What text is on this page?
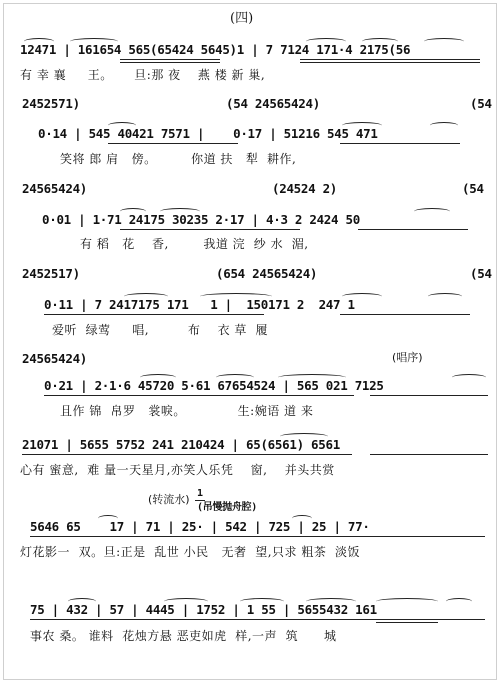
(四)
12471 | 161654 565(65424 5645)1 | 7 7124 171·4 2175(56
2452571)	(54 24565424)	(54
0·14 | 545 40421 7571 |    0·17 | 51216 545 471
24565424)	(24524 2)	(54
0·01 | 1·71 24175 30235 2·17 | 4·3 2 2424 50
2452517)	(654 24565424)	(54
0·11 | 7 2417175 171   1 |  150171 2  247 1
24565424)
0·21 | 2·1·6 45720 5·61 67654524 | 565 021 7125
21071 | 5655 5752 241 210424 | 65(6561) 6561
5646 65    17 | 71 | 25· | 542 | 725 | 25 | 77·
75 | 432 | 57 | 4445 | 1752 | 1 55 | 5655432 161
有 幸 襄     王。     旦:那 夜    燕 楼 新 巢,
笑将 郎 肩   傍。        你道 扶   犁  耕作,
有 稻   花    香,        我道 浣  纱 水  湄,
爱听  绿莺     唱,         布    衣 草  履
且作 锦  帛罗   裳唳。            生:婉语 道 来
心有 蜜意,  难 量一天星月,亦笑人乐凭    窗,    并头共赏
灯花影一  双。旦:正是  乱世 小民   无奢  望,只求 粗茶  淡饭
事农 桑。 谁料  花烛方悬 恶吏如虎  样,一声  筑      城
(唱序)
(转流水) 1
(吊慢抛舟腔)
